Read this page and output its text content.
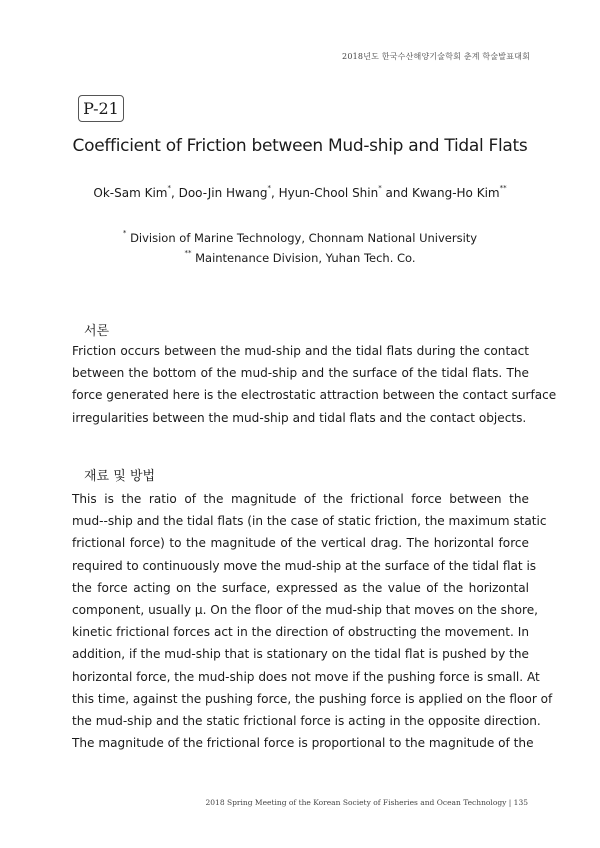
2018년도 한국수산해양기술학회 춘계 학술발표대회
P-21
Coefficient of Friction between Mud-ship and Tidal Flats
Ok-Sam Kim*, Doo-Jin Hwang*, Hyun-Chool Shin* and Kwang-Ho Kim**
* Division of Marine Technology, Chonnam National University
** Maintenance Division, Yuhan Tech. Co.
서론
Friction occurs between the mud-ship and the tidal flats during the contact
between the bottom of the mud-ship and the surface of the tidal flats. The
force generated here is the electrostatic attraction between the contact surface
irregularities between the mud-ship and tidal flats and the contact objects.
재료 및 방법
This is the ratio of the magnitude of the frictional force between the
mud--ship and the tidal flats (in the case of static friction, the maximum static
frictional force) to the magnitude of the vertical drag. The horizontal force
required to continuously move the mud-ship at the surface of the tidal flat is
the force acting on the surface, expressed as the value of the horizontal
component, usually μ. On the floor of the mud-ship that moves on the shore,
kinetic frictional forces act in the direction of obstructing the movement. In
addition, if the mud-ship that is stationary on the tidal flat is pushed by the
horizontal force, the mud-ship does not move if the pushing force is small. At
this time, against the pushing force, the pushing force is applied on the floor of
the mud-ship and the static frictional force is acting in the opposite direction.
The magnitude of the frictional force is proportional to the magnitude of the
2018 Spring Meeting of the Korean Society of Fisheries and Ocean Technology | 135
